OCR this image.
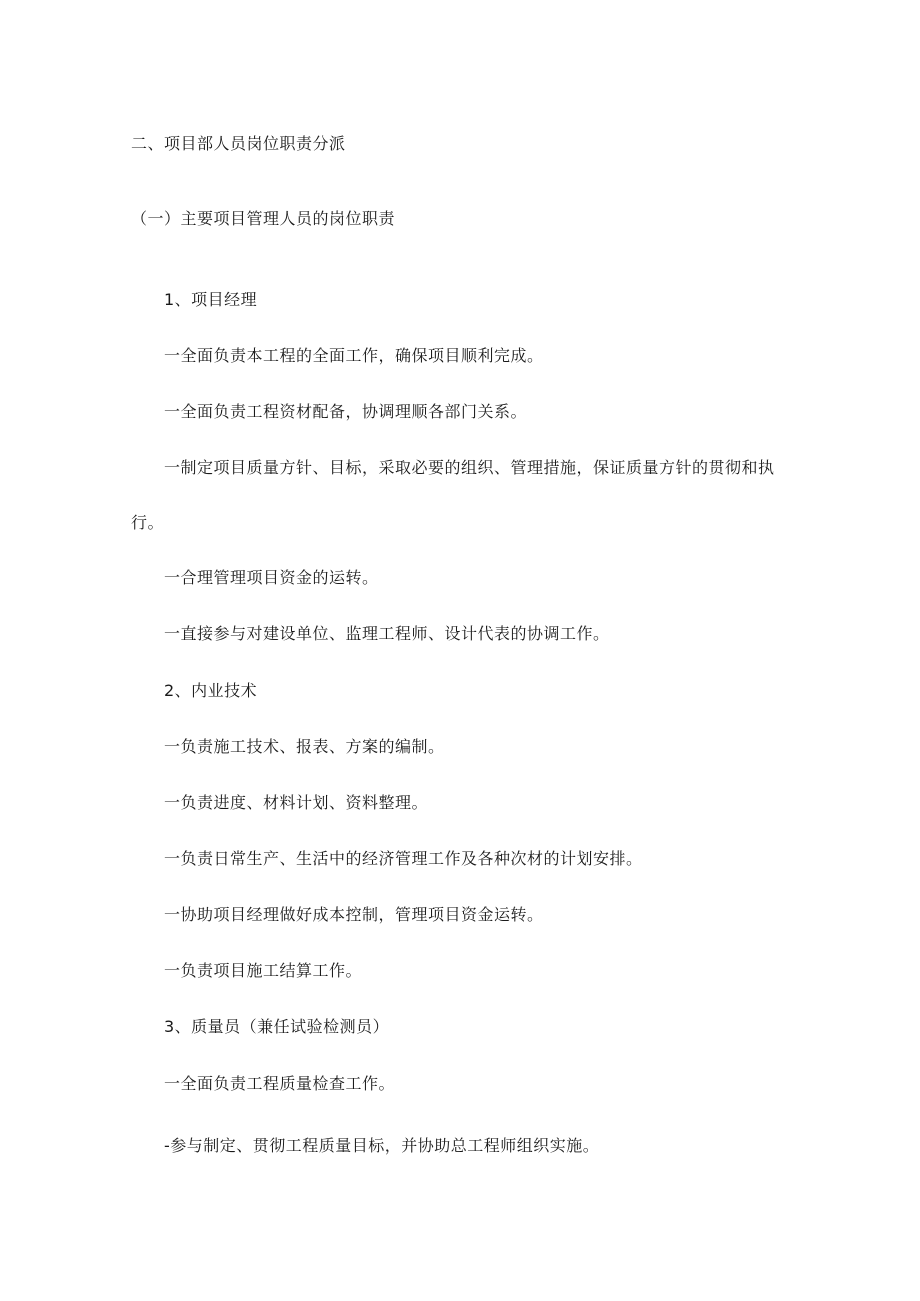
二、项目部人员岗位职责分派
（一）主要项目管理人员的岗位职责
1、项目经理
一全面负责本工程的全面工作，确保项目顺利完成。
一全面负责工程资材配备，协调理顺各部门关系。
一制定项目质量方针、目标，采取必要的组织、管理措施，保证质量方针的贯彻和执
行。
一合理管理项目资金的运转。
一直接参与对建设单位、监理工程师、设计代表的协调工作。
2、内业技术
一负责施工技术、报表、方案的编制。
一负责进度、材料计划、资料整理。
一负责日常生产、生活中的经济管理工作及各种次材的计划安排。
一协助项目经理做好成本控制，管理项目资金运转。
一负责项目施工结算工作。
3、质量员（兼任试验检测员）
一全面负责工程质量检查工作。
-参与制定、贯彻工程质量目标，并协助总工程师组织实施。
